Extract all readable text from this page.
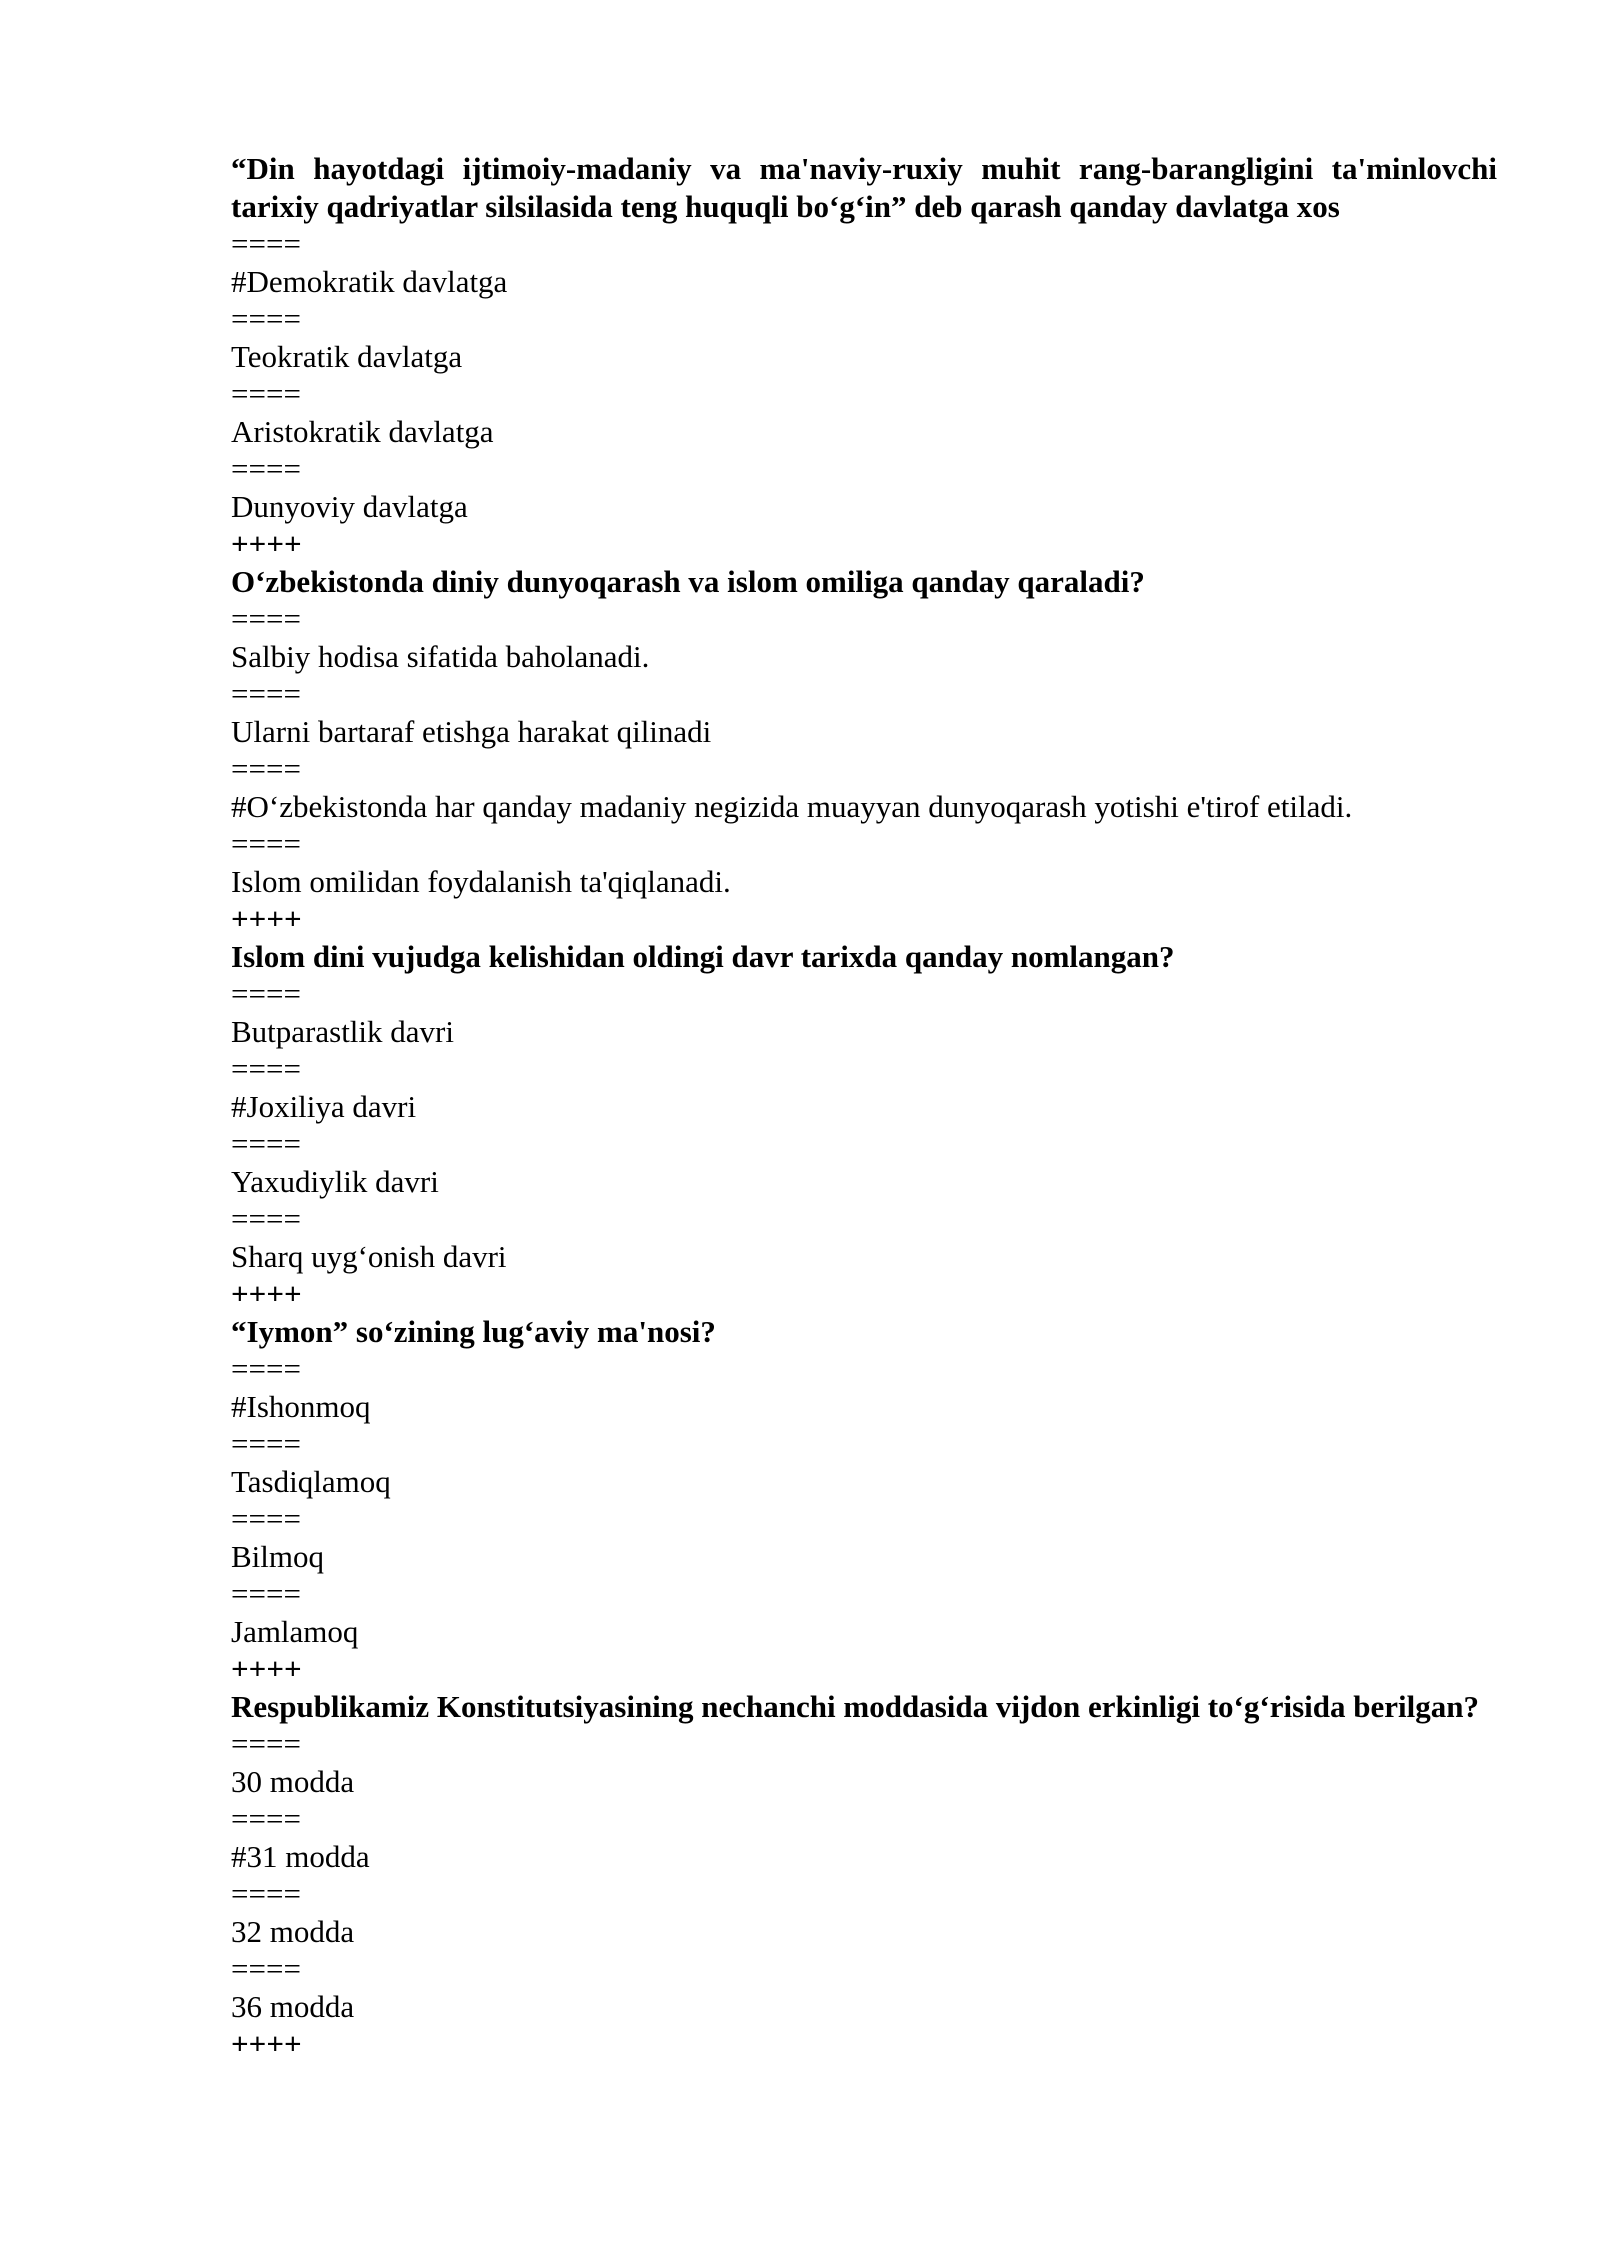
“Din hayotdagi ijtimoiy-madaniy va ma'naviy-ruxiy muhit rang-barangligini ta'minlovchi tarixiy qadriyatlar silsilasida teng huquqli bo‘g‘in” deb qarash qanday davlatga xos

====

#Demokratik davlatga

====

Teokratik davlatga

====

Aristokratik davlatga

====

Dunyoviy davlatga

++++

O‘zbekistonda diniy dunyoqarash va islom omiliga qanday qaraladi?

====

Salbiy hodisa sifatida baholanadi.

====

Ularni bartaraf etishga harakat qilinadi

====

#O‘zbekistonda har qanday madaniy negizida muayyan dunyoqarash yotishi e'tirof etiladi.

====

Islom omilidan foydalanish ta'qiqlanadi.

++++

Islom dini vujudga kelishidan oldingi davr tarixda qanday nomlangan?

====

Butparastlik davri

====

#Joxiliya davri

====

Yaxudiylik davri

====

Sharq uyg‘onish davri

++++

“Iymon” so‘zining lug‘aviy ma'nosi?

====

#Ishonmoq

====

Tasdiqlamoq

====

Bilmoq

====

Jamlamoq

++++

Respublikamiz Konstitutsiyasining nechanchi moddasida vijdon erkinligi to‘g‘risida berilgan?

====

30 modda

====

#31 modda

====

32 modda

====

36 modda

++++
